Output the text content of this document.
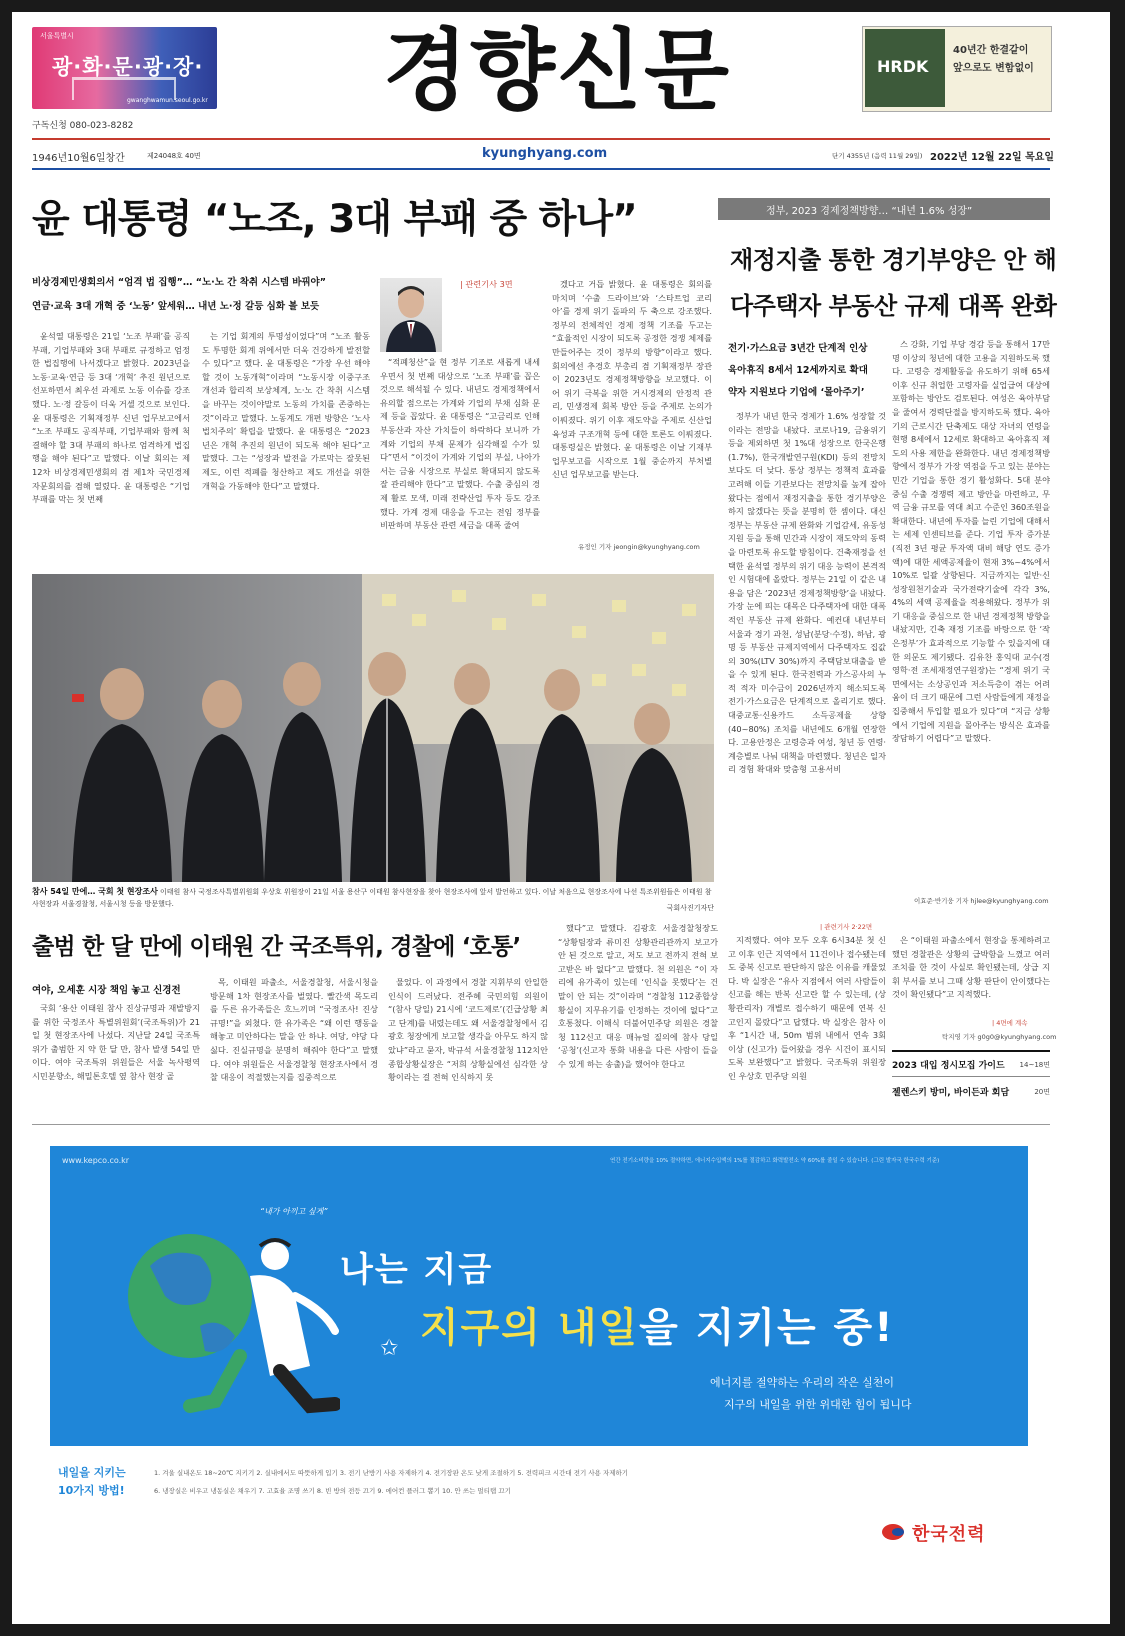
서울특별시
광·화·문·광·장·
gwanghwamun.seoul.go.kr
구독신청 080-023-8282
경향신문	HRDK
40년간 한결같이
앞으로도 변함없이
1946년10월6일창간	제24048호 40면	kyunghyang.com	단기 4355년 (음력 11월 29일) 2022년 12월 22일 목요일
윤 대통령 “노조, 3대 부패 중 하나”
비상경제민생회의서 “엄격 법 집행”… “노·노 간 착취 시스템 바꿔야”
연금·교육 3대 개혁 중 ‘노동’ 앞세워… 내년 노·정 갈등 심화 볼 보듯

윤석열 대통령은 21일 ‘노조 부패’를 공직부패, 기업부패와 3대 부패로 규정하고 엄정한 법집행에 나서겠다고 밝혔다. 2023년을 노동·교육·연금 등 3대 ‘개혁’ 추진 원년으로 선포하면서 최우선 과제로 노동 이슈를 강조했다. 노·정 갈등이 더욱 거셀 것으로 보인다. 윤 대통령은 기획재정부 신년 업무보고에서 “노조 부패도 공직부패, 기업부패와 함께 척결해야 할 3대 부패의 하나로 엄격하게 법집행을 해야 된다”고 말했다. 이날 회의는 제12차 비상경제민생회의 겸 제1차 국민경제자문회의를 겸해 열렸다. 윤 대통령은 “기업부패를 막는 첫 번째

는 기업 회계의 투명성이었다”며 “노조 활동도 투명한 회계 위에서만 더욱 건강하게 발전할 수 있다”고 했다. 윤 대통령은 “가장 우선 해야 할 것이 노동개혁”이라며 “노동시장 이중구조 개선과 합리적 보상체계, 노·노 간 착취 시스템을 바꾸는 것이야말로 노동의 가치를 존중하는 것”이라고 말했다. 노동계도 개편 방향은 ‘노사 법치주의’ 확립을 말했다. 윤 대통령은 “2023년은 개혁 추진의 원년이 되도록 해야 된다”고 말했다. 그는 “성장과 발전을 가로막는 잘못된 제도, 이런 적폐를 청산하고 제도 개선을 위한 개혁을 가동해야 한다”고 말했다.

“적폐청산”을 현 정부 기조로 새롭게 내세우면서 첫 번째 대상으로 ‘노조 부패’를 꼽은 것으로 해석될 수 있다. 내년도 경제정책에서 유의할 점으로는 가계와 기업의 부채 심화 문제 등을 꼽았다. 윤 대통령은 “고금리로 인해 부동산과 자산 가치들이 하락하다 보니까 가계와 기업의 부채 문제가 심각해질 수가 있다”면서 “이것이 가계와 기업의 부실, 나아가서는 금융 시장으로 부실로 확대되지 않도록 잘 관리해야 한다”고 말했다. 수출 중심의 경제 활로 모색, 미래 전략산업 투자 등도 강조했다. 가계 경제 대응을 두고는 전임 정부를 비판하며 부동산 관련 세금을 대폭 줄여

| 관련기사 3면	겠다고 거듭 밝혔다. 윤 대통령은 회의를 마치며 ‘수출 드라이브’와 ‘스타트업 코리아’를 경제 위기 돌파의 두 축으로 강조했다. 정부의 전체적인 경제 정책 기조를 두고는 “효율적인 시장이 되도록 공정한 경쟁 체제를 만들어주는 것이 정부의 방향”이라고 했다. 회의에선 추경호 부총리 겸 기획재정부 장관이 2023년도 경제정책방향을 보고했다. 이어 위기 극복을 위한 거시경제의 안정적 관리, 민생경제 회복 방안 등을 주제로 논의가 이뤄졌다. 위기 이후 재도약을 주제로 신산업 육성과 구조개혁 등에 대한 토론도 이뤄졌다. 대통령실은 밝혔다. 윤 대통령은 이날 기재부 업무보고를 시작으로 1월 중순까지 부처별 신년 업무보고를 받는다.

유정인 기자 jeongin@kyunghyang.com
정부, 2023 경제정책방향… “내년 1.6% 성장”
재정지출 통한 경기부양은 안 해
다주택자 부동산 규제 대폭 완화
전기·가스요금 3년간 단계적 인상
육아휴직 8세서 12세까지로 확대
약자 지원보다 기업에 ‘몰아주기’

정부가 내년 한국 경제가 1.6% 성장할 것이라는 전망을 내놨다. 코로나19, 금융위기 등을 제외하면 첫 1%대 성장으로 한국은행(1.7%), 한국개발연구원(KDI) 등의 전망치보다도 더 낮다. 통상 정부는 정책적 효과를 고려해 이들 기관보다는 전망치를 높게 잡아왔다는 점에서 재정지출을 통한 경기부양은 하지 않겠다는 뜻을 분명히 한 셈이다. 대신 정부는 부동산 규제 완화와 기업감세, 유동성 지원 등을 통해 민간과 시장이 재도약의 동력을 마련토록 유도할 방침이다. 건축재정을 선택한 윤석열 정부의 위기 대응 능력이 본격적인 시험대에 올랐다. 정부는 21일 이 같은 내용을 담은 ‘2023년 경제정책방향’을 내놨다. 가장 눈에 띄는 대목은 다주택자에 대한 대폭적인 부동산 규제 완화다. 예컨대 내년부터 서울과 경기 과천, 성남(분당·수정), 하남, 광명 등 부동산 규제지역에서 다주택자도 집값의 30%(LTV 30%)까지 주택담보대출을 받을 수 있게 된다. 한국전력과 가스공사의 누적 적자 미수금이 2026년까지 해소되도록 전기·가스요금은 단계적으로 올리기로 했다. 대중교통·신용카드 소득공제율 상향(40~80%) 조치를 내년에도 6개월 연장한다. 고용안정은 고령층과 여성, 청년 등 연령·계층별로 나눠 대책을 마련했다. 청년은 일자리 경험 확대와 맞춤형 고용서비

스 강화, 기업 부당 경감 등을 통해서 17만 명 이상의 청년에 대한 고용을 지원하도록 했다. 고령층 경제활동을 유도하기 위해 65세 이후 신규 취업한 고령자를 실업급여 대상에 포함하는 방안도 검토된다. 여성은 육아부담을 줄여서 경력단절을 방지하도록 했다. 육아기의 근로시간 단축제도 대상 자녀의 연령을 현행 8세에서 12세로 확대하고 육아휴직 제도의 사용 제한을 완화한다. 내년 경제정책방향에서 정부가 가장 역점을 두고 있는 분야는 민간 기업을 통한 경기 활성화다. 5대 분야 중심 수출 경쟁력 제고 방안을 마련하고, 무역 금융 규모를 역대 최고 수준인 360조원을 확대한다. 내년에 투자를 늘린 기업에 대해서는 세제 인센티브를 준다. 기업 투자 증가분(직전 3년 평균 투자액 대비 해당 연도 증가액)에 대한 세액공제율이 현재 3%~4%에서 10%로 일괄 상향된다. 지금까지는 일반·신성장원천기술과 국가전략기술에 각각 3%, 4%의 세액 공제율을 적용해왔다. 정부가 위기 대응을 중심으로 한 내년 경제정책 방향을 내놨지만, 긴축 재정 기조를 바탕으로 한 ‘작은정부’가 효과적으로 기능할 수 있을지에 대한 의문도 제기됐다. 김유찬 홍익대 교수(경영학·전 조세재정연구원장)는 “경제 위기 국면에서는 소상공인과 저소득층이 겪는 어려움이 더 크기 때문에 그런 사람들에게 재정을 집중해서 투입할 필요가 있다”며 “지금 상황에서 기업에 지원을 몰아주는 방식은 효과를 장담하기 어렵다”고 말했다.

이효준·반기웅 기자 hjlee@kyunghyang.com
| 관련기사 2·22면
참사 54일 만에… 국회 첫 현장조사 이태원 참사 국정조사특별위원회 우상호 위원장이 21일 서울 용산구 이태원 참사현장을 찾아 현장조사에 앞서 발언하고 있다. 이날 처음으로 현장조사에 나선 특조위원들은 이태원 참사현장과 서울경찰청, 서울시청 등을 방문했다.	국회사진기자단
출범 한 달 만에 이태원 간 국조특위, 경찰에 ‘호통’
여야, 오세훈 시장 책임 놓고 신경전

국회 ‘용산 이태원 참사 진상규명과 재발방지를 위한 국정조사 특별위원회’(국조특위)가 21일 첫 현장조사에 나섰다. 지난달 24일 국조특위가 출범한 지 약 한 달 만, 참사 발생 54일 만이다. 여야 국조특위 위원들은 서울 녹사평역 시민분향소, 해밀톤호텔 옆 참사 현장 골

목, 이태원 파출소, 서울경찰청, 서울시청을 방문해 1차 현장조사를 벌였다. 빨간색 목도리를 두른 유가족들은 흐느끼며 “국정조사! 진상규명!”을 외쳤다. 한 유가족은 “왜 이런 행동을 해놓고 미안하다는 말을 안 하냐. 여당, 야당 다 싫다. 진실규명을 분명히 해줘야 한다”고 말했다. 여야 위원들은 서울경찰청 현장조사에서 경찰 대응이 적절했는지를 집중적으로

물었다. 이 과정에서 경찰 지휘부의 안일한 인식이 드러났다. 전주혜 국민의힘 의원이 “(참사 당일) 21시에 ‘코드제로’(긴급상황 최고 단계)를 내렸는데도 왜 서울경찰청에서 김광호 청장에게 보고할 생각을 아무도 하지 않았냐”라고 묻자, 박규석 서울경찰청 112치안종합상황실장은 “저희 상황실에선 심각한 상황이라는 걸 전혀 인식하지 못

했다”고 말했다. 김광호 서울경찰청장도 “상황팀장과 류미진 상황관리관까지 보고가 안 된 것으로 알고, 저도 보고 전까지 전혀 보고받은 바 없다”고 말했다. 천 의원은 “이 자리에 유가족이 있는데 ‘인식을 못했다’는 건 말이 안 되는 것”이라며 “경찰청 112종합상황실이 지무유기를 인정하는 것이에 없다”고 호통쳤다. 이해식 더불어민주당 의원은 경찰청 112신고 대응 매뉴얼 질의에 참사 당일 ‘공청’(신고자 통화 내용을 다른 사람이 들을 수 있게 하는 송출)을 했어야 한다고

지적했다. 여야 모두 오후 6시34분 첫 신고 이후 인근 지역에서 11건이나 접수됐는데도 중복 신고로 판단하지 않은 이유를 캐물었다. 박 실장은 “유사 지점에서 여러 사람들이 신고를 해는 반복 신고란 할 수 있는데, (상황관리자) 개별로 접수하기 때문에 연복 신고인지 몰랐다”고 답했다. 박 실장은 참사 이후 “1시간 내, 50m 범위 내에서 연속 3회 이상 (신고가) 들어왔을 경우 시건이 표시되도록 보완했다”고 밝혔다. 국조특위 위원장인 우상호 민주당 의원

은 “이태원 파출소에서 현장을 통제하려고 했던 경찰관은 상황의 급박함을 느꼈고 여러 조치를 한 것이 사실로 확인됐는데, 상급 지휘 부서를 보니 그때 상황 판단이 안이했다는 것이 확인됐다”고 지적했다.

| 4면에 계속
탁지영 기자 g0g0@kyunghyang.com
2023 대입 정시모집 가이드 14~18면
젤렌스키 방미, 바이든과 회담	20면
www.kepco.co.kr	연간 전기소비량을 10% 절약하면, 에너지수입액의 1%를 절감하고 화력발전소 약 60%를 줄일 수 있습니다. (그린 발자국 한국수력 기준)
“내가 아끼고 싶게”
나는 지금
지구의 내일을 지키는 중!
✩
에너지를 절약하는 우리의 작은 실천이
지구의 내일을 위한 위대한 힘이 됩니다
내일을 지키는
10가지 방법!
1. 겨울 실내온도 18~20℃ 지키기 2. 실내에서도 따뜻하게 입기 3. 전기 난방기 사용 자제하기 4. 전기장판 온도 낮게 조절하기 5. 전력피크 시간대 전기 사용 자제하기
6. 냉장실은 비우고 냉동실은 채우기 7. 고효율 조명 쓰기 8. 빈 방의 전등 끄기 9. 에어컨 플러그 뽑기 10. 안 쓰는 멀티탭 끄기
한국전력
